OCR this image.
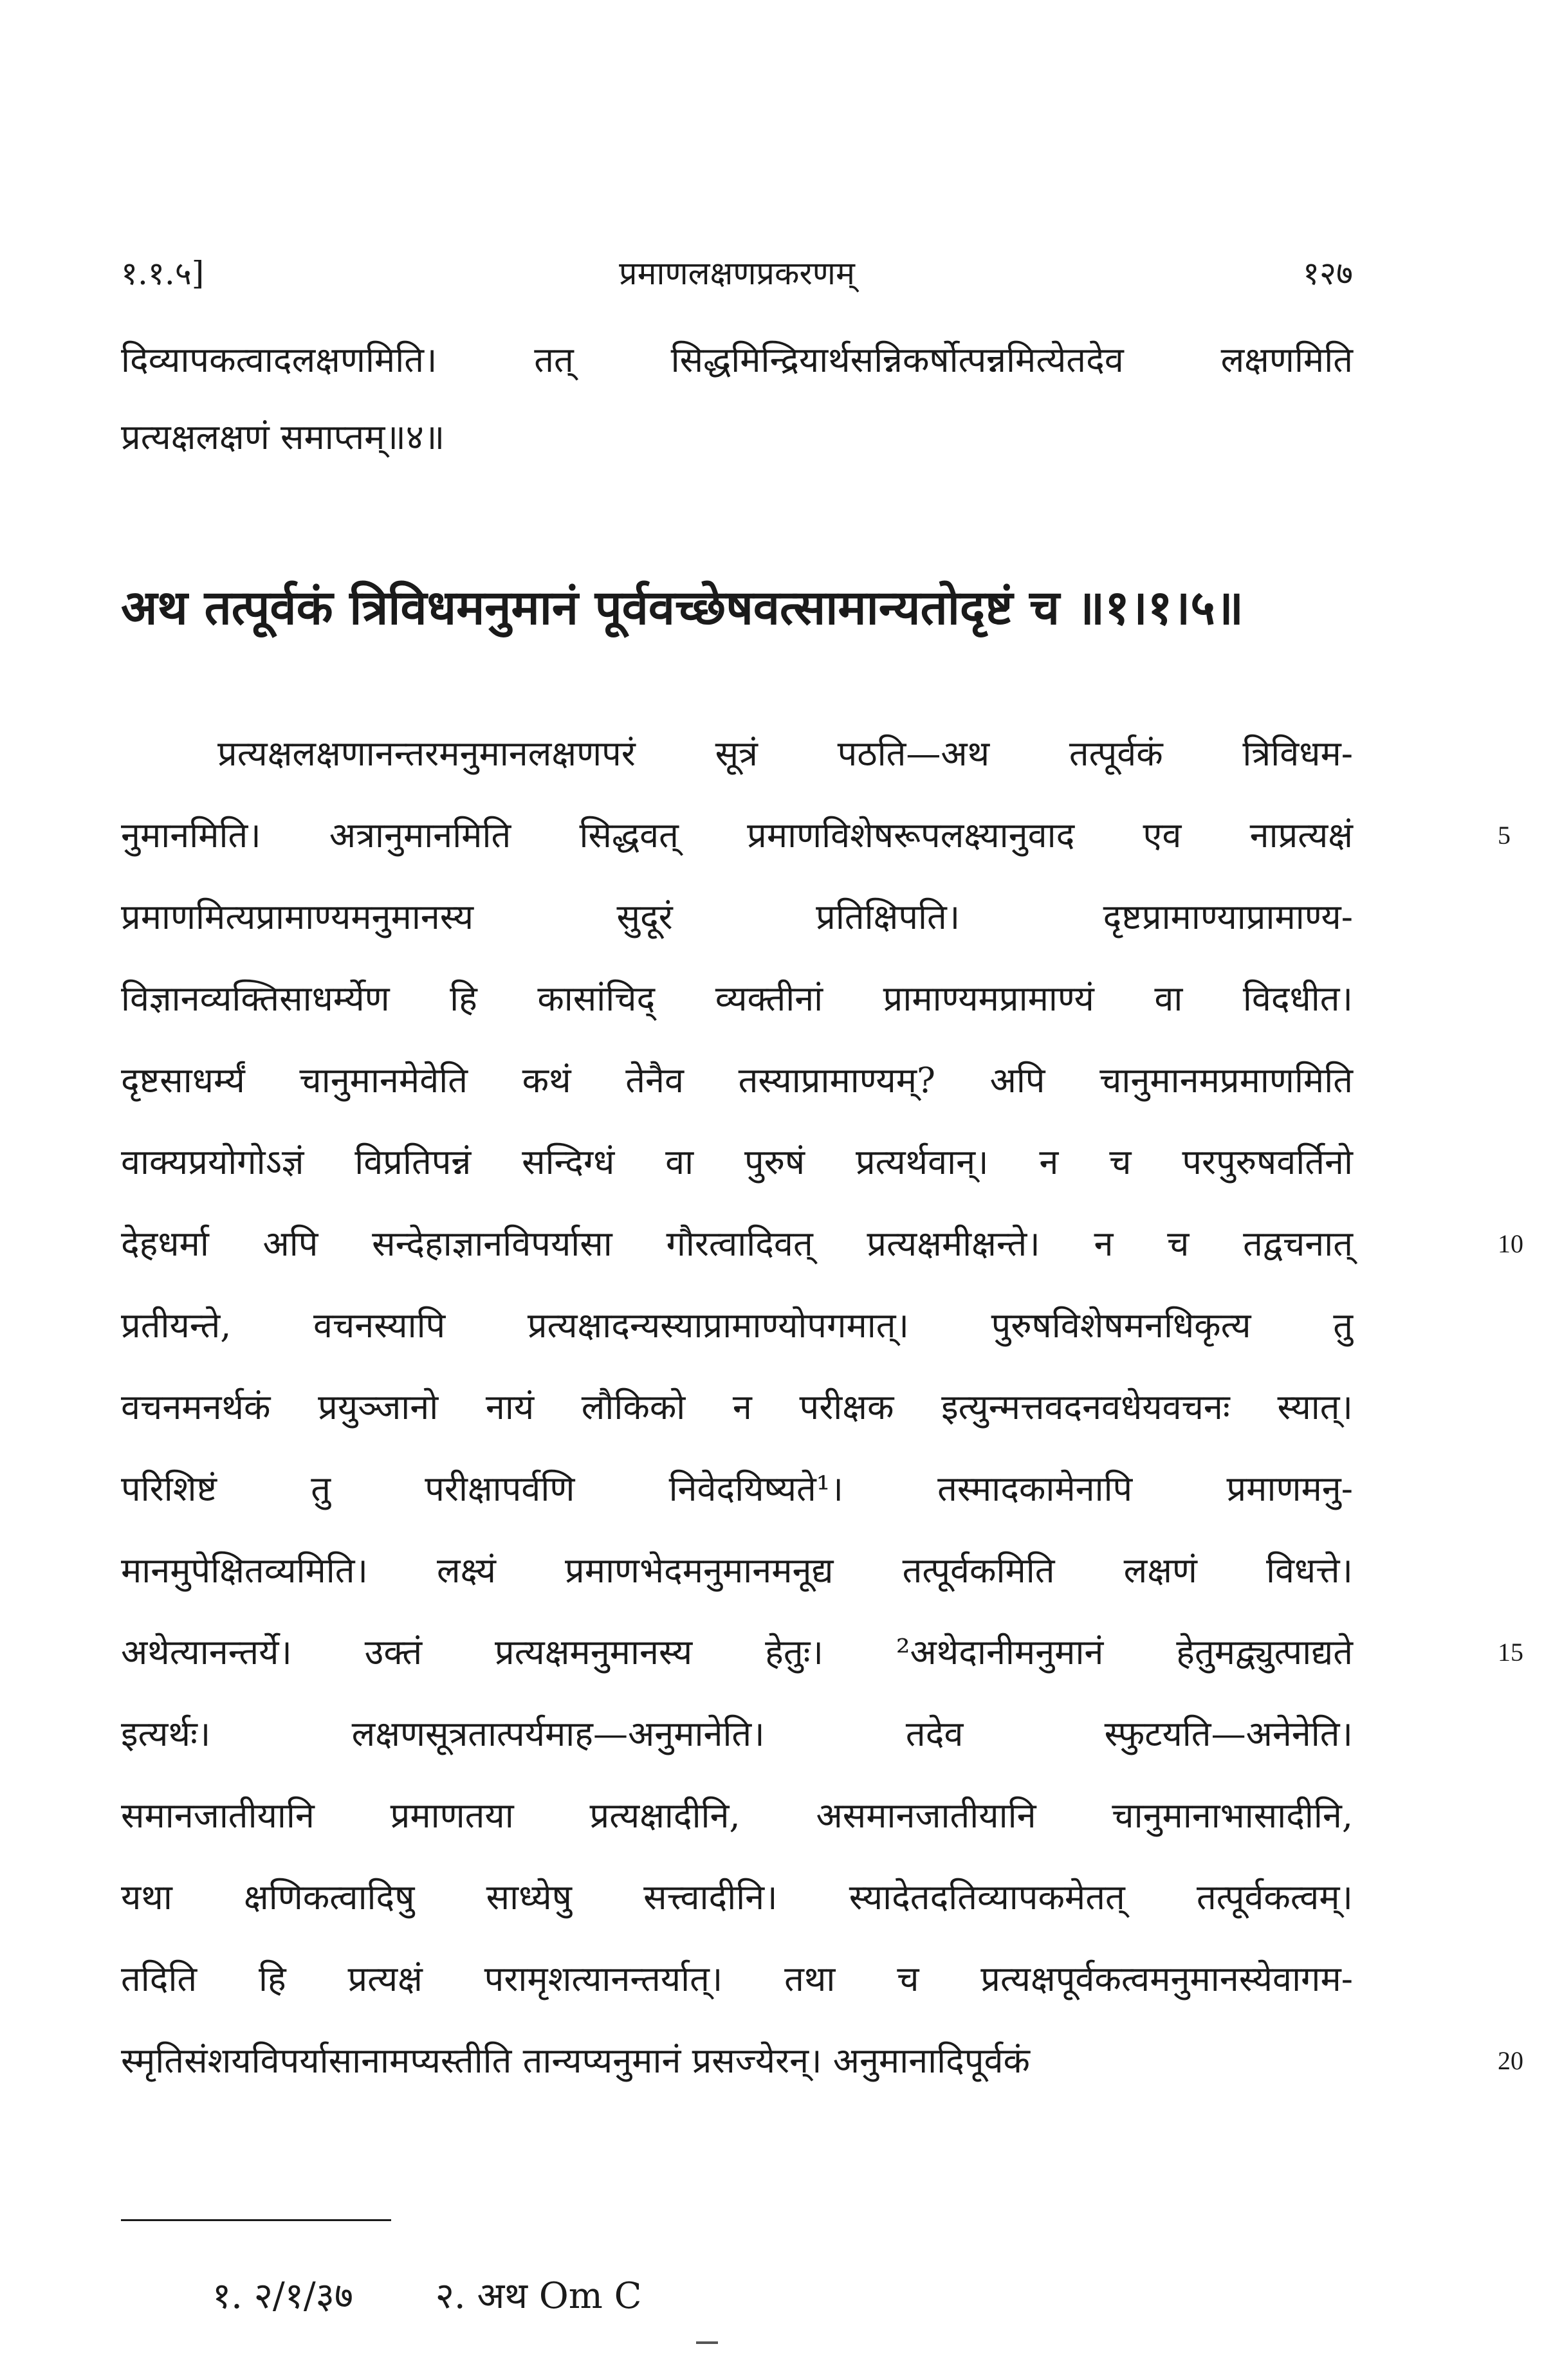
१.१.५]	प्रमाणलक्षणप्रकरणम्	१२७
दिव्यापकत्वादलक्षणमिति। तत् सिद्धमिन्द्रियार्थसन्निकर्षोत्पन्नमित्येतदेव लक्षणमिति
प्रत्यक्षलक्षणं समाप्तम्॥४॥
अथ तत्पूर्वकं त्रिविधमनुमानं पूर्ववच्छेषवत्सामान्यतोदृष्टं च ॥१।१।५॥
प्रत्यक्षलक्षणानन्तरमनुमानलक्षणपरं सूत्रं पठति—अथ तत्पूर्वकं त्रिविधम-
नुमानमिति। अत्रानुमानमिति सिद्धवत् प्रमाणविशेषरूपलक्ष्यानुवाद एव नाप्रत्यक्षं	5
प्रमाणमित्यप्रामाण्यमनुमानस्य सुदूरं प्रतिक्षिपति। दृष्टप्रामाण्याप्रामाण्य-
विज्ञानव्यक्तिसाधर्म्येण हि कासांचिद् व्यक्तीनां प्रामाण्यमप्रामाण्यं वा विदधीत।
दृष्टसाधर्म्यं चानुमानमेवेति कथं तेनैव तस्याप्रामाण्यम्? अपि चानुमानमप्रमाणमिति
वाक्यप्रयोगोऽज्ञं विप्रतिपन्नं सन्दिग्धं वा पुरुषं प्रत्यर्थवान्। न च परपुरुषवर्तिनो
देहधर्मा अपि सन्देहाज्ञानविपर्यासा गौरत्वादिवत् प्रत्यक्षमीक्षन्ते। न च तद्वचनात्	10
प्रतीयन्ते, वचनस्यापि प्रत्यक्षादन्यस्याप्रामाण्योपगमात्। पुरुषविशेषमनधिकृत्य तु
वचनमनर्थकं प्रयुञ्जानो नायं लौकिको न परीक्षक इत्युन्मत्तवदनवधेयवचनः स्यात्।
परिशिष्टं तु परीक्षापर्वणि निवेदयिष्यते¹। तस्मादकामेनापि प्रमाणमनु-
मानमुपेक्षितव्यमिति। लक्ष्यं प्रमाणभेदमनुमानमनूद्य तत्पूर्वकमिति लक्षणं विधत्ते।
अथेत्यानन्तर्ये। उक्तं प्रत्यक्षमनुमानस्य हेतुः। ²अथेदानीमनुमानं हेतुमद्व्युत्पाद्यते	15
इत्यर्थः। लक्षणसूत्रतात्पर्यमाह—अनुमानेति। तदेव स्फुटयति—अनेनेति।
समानजातीयानि प्रमाणतया प्रत्यक्षादीनि, असमानजातीयानि चानुमानाभासादीनि,
यथा क्षणिकत्वादिषु साध्येषु सत्त्वादीनि। स्यादेतदतिव्यापकमेतत् तत्पूर्वकत्वम्।
तदिति हि प्रत्यक्षं परामृशत्यानन्तर्यात्। तथा च प्रत्यक्षपूर्वकत्वमनुमानस्येवागम-
स्मृतिसंशयविपर्यासानामप्यस्तीति तान्यप्यनुमानं प्रसज्येरन्। अनुमानादिपूर्वकं	20
१. २/१/३७ २. अथ Om C
